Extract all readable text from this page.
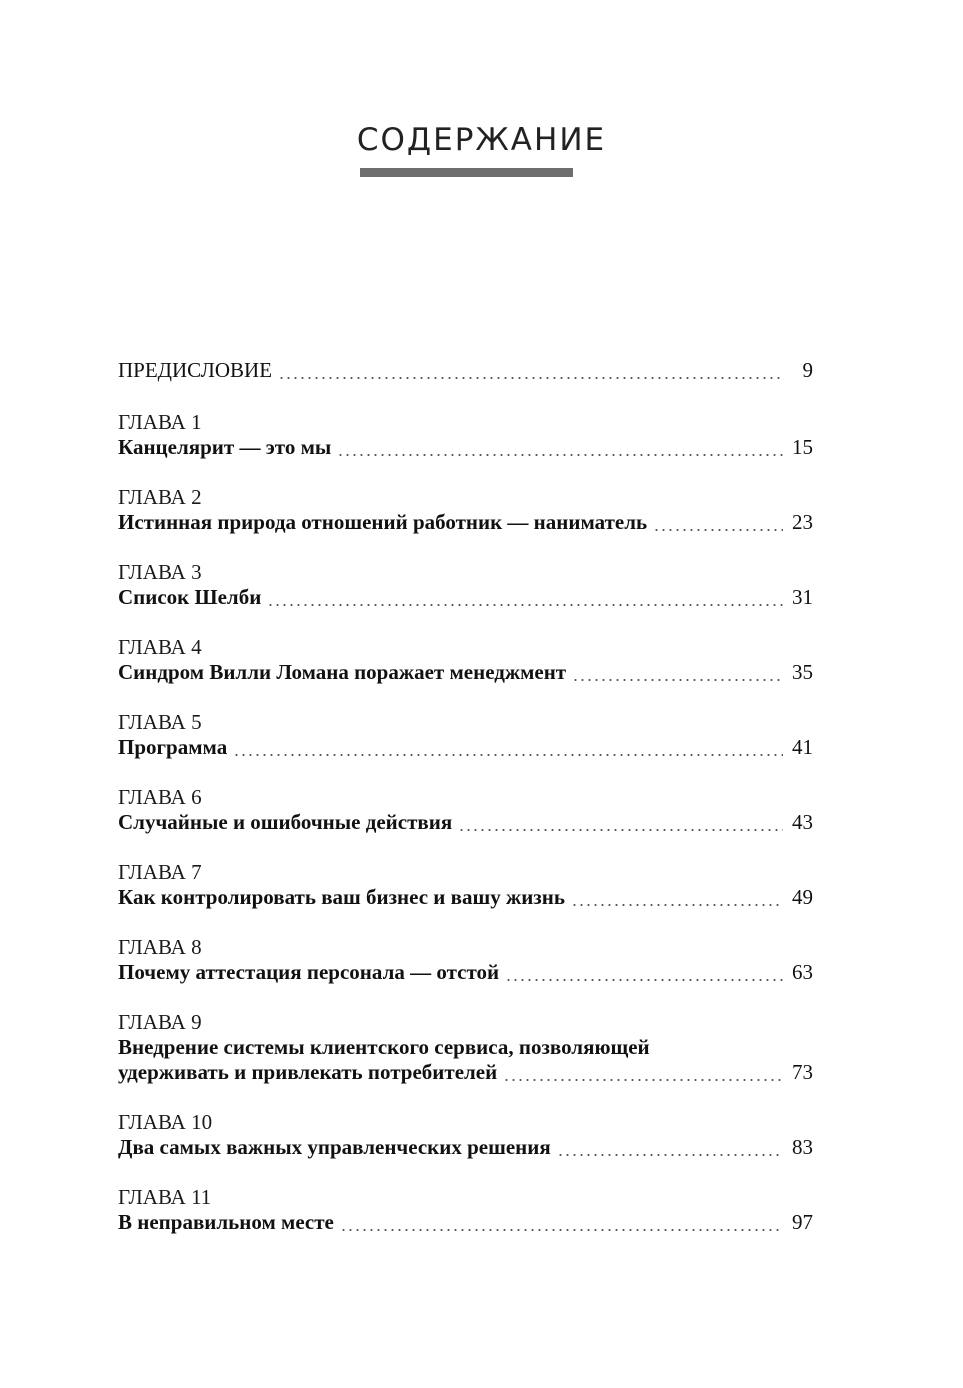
СОДЕРЖАНИЕ
ПРЕДИСЛОВИЕ	9
ГЛАВА 1
Канцелярит — это мы	15
ГЛАВА 2
Истинная природа отношений работник — наниматель	23
ГЛАВА 3
Список Шелби	31
ГЛАВА 4
Синдром Вилли Ломана поражает менеджмент	35
ГЛАВА 5
Программа	41
ГЛАВА 6
Случайные и ошибочные действия	43
ГЛАВА 7
Как контролировать ваш бизнес и вашу жизнь	49
ГЛАВА 8
Почему аттестация персонала — отстой	63
ГЛАВА 9
Внедрение системы клиентского сервиса, позволяющей
удерживать и привлекать потребителей	73
ГЛАВА 10
Два самых важных управленческих решения	83
ГЛАВА 11
В неправильном месте	97
